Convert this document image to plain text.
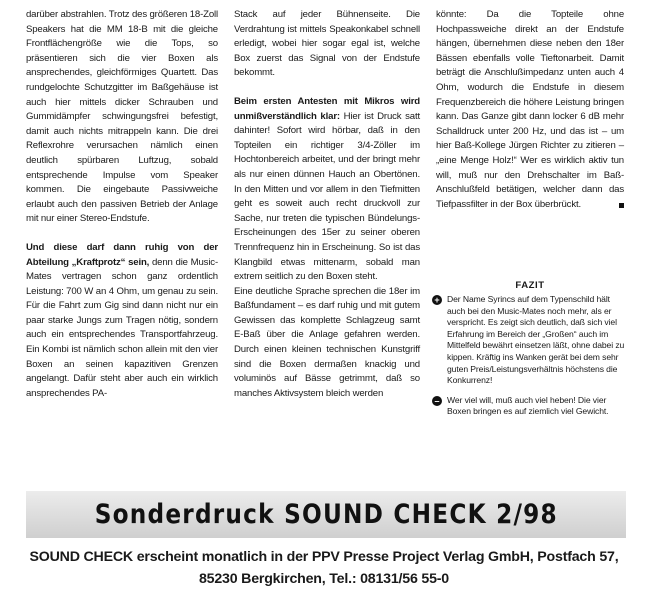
darüber abstrahlen. Trotz des größeren 18-Zoll Speakers hat die MM 18-B mit die gleiche Frontflächengröße wie die Tops, so präsentieren sich die vier Boxen als ansprechendes, gleichförmiges Quartett. Das rundgelochte Schutzgitter im Baßgehäuse ist auch hier mittels dicker Schrauben und Gummidämpfer schwingungsfrei befestigt, damit auch nichts mitrappeln kann. Die drei Reflexrohre verursachen nämlich einen deutlich spürbaren Luftzug, sobald entsprechende Impulse vom Speaker kommen. Die eingebaute Passivweiche erlaubt auch den passiven Betrieb der Anlage mit nur einer Stereo-Endstufe.

Und diese darf dann ruhig von der Abteilung „Kraftprotz“ sein, denn die Music-Mates vertragen schon ganz ordentlich Leistung: 700 W an 4 Ohm, um genau zu sein. Für die Fahrt zum Gig sind dann nicht nur ein paar starke Jungs zum Tragen nötig, sondern auch ein entsprechendes Transportfahrzeug. Ein Kombi ist nämlich schon allein mit den vier Boxen an seinen kapazitiven Grenzen angelangt. Dafür steht aber auch ein wirklich ansprechendes PA-

Stack auf jeder Bühnenseite. Die Verdrahtung ist mittels Speakonkabel schnell erledigt, wobei hier sogar egal ist, welche Box zuerst das Signal von der Endstufe bekommt.

Beim ersten Antesten mit Mikros wird unmißverständlich klar: Hier ist Druck satt dahinter! Sofort wird hörbar, daß in den Topteilen ein richtiger 3/4-Zöller im Hochtonbereich arbeitet, und der bringt mehr als nur einen dünnen Hauch an Obertönen. In den Mitten und vor allem in den Tiefmitten geht es soweit auch recht druckvoll zur Sache, nur treten die typischen Bündelungs-Erscheinungen des 15er zu seiner oberen Trennfrequenz hin in Erscheinung. So ist das Klangbild etwas mittenarm, sobald man extrem seitlich zu den Boxen steht.

Eine deutliche Sprache sprechen die 18er im Baßfundament – es darf ruhig und mit gutem Gewissen das komplette Schlagzeug samt E-Baß über die Anlage gefahren werden. Durch einen kleinen technischen Kunstgriff sind die Boxen dermaßen knackig und voluminös auf Bässe getrimmt, daß so manches Aktivsystem bleich werden

könnte: Da die Topteile ohne Hochpassweiche direkt an der Endstufe hängen, übernehmen diese neben den 18er Bässen ebenfalls volle Tieftonarbeit. Damit beträgt die Anschlußimpedanz unten auch 4 Ohm, wodurch die Endstufe in diesem Frequenzbereich die höhere Leistung bringen kann. Das Ganze gibt dann locker 6 dB mehr Schalldruck unter 200 Hz, und das ist – um hier Baß-Kollege Jürgen Richter zu zitieren – „eine Menge Holz!“ Wer es wirklich aktiv tun will, muß nur den Drehschalter im Baß-Anschlußfeld betätigen, welcher dann das Tiefpassfilter in der Box überbrückt.

FAZIT
+ Der Name Syrincs auf dem Typenschild hält auch bei den Music-Mates noch mehr, als er verspricht. Es zeigt sich deutlich, daß sich viel Erfahrung im Bereich der „Großen“ auch im Mittelfeld bewährt einsetzen läßt, ohne dabei zu kippen. Kräftig ins Wanken gerät bei dem sehr guten Preis/Leistungsverhältnis höchstens die Konkurrenz!
– Wer viel will, muß auch viel heben! Die vier Boxen bringen es auf ziemlich viel Gewicht.
Sonderdruck SOUND CHECK 2/98
SOUND CHECK erscheint monatlich in der PPV Presse Project Verlag GmbH, Postfach 57,
85230 Bergkirchen, Tel.: 08131/56 55-0
